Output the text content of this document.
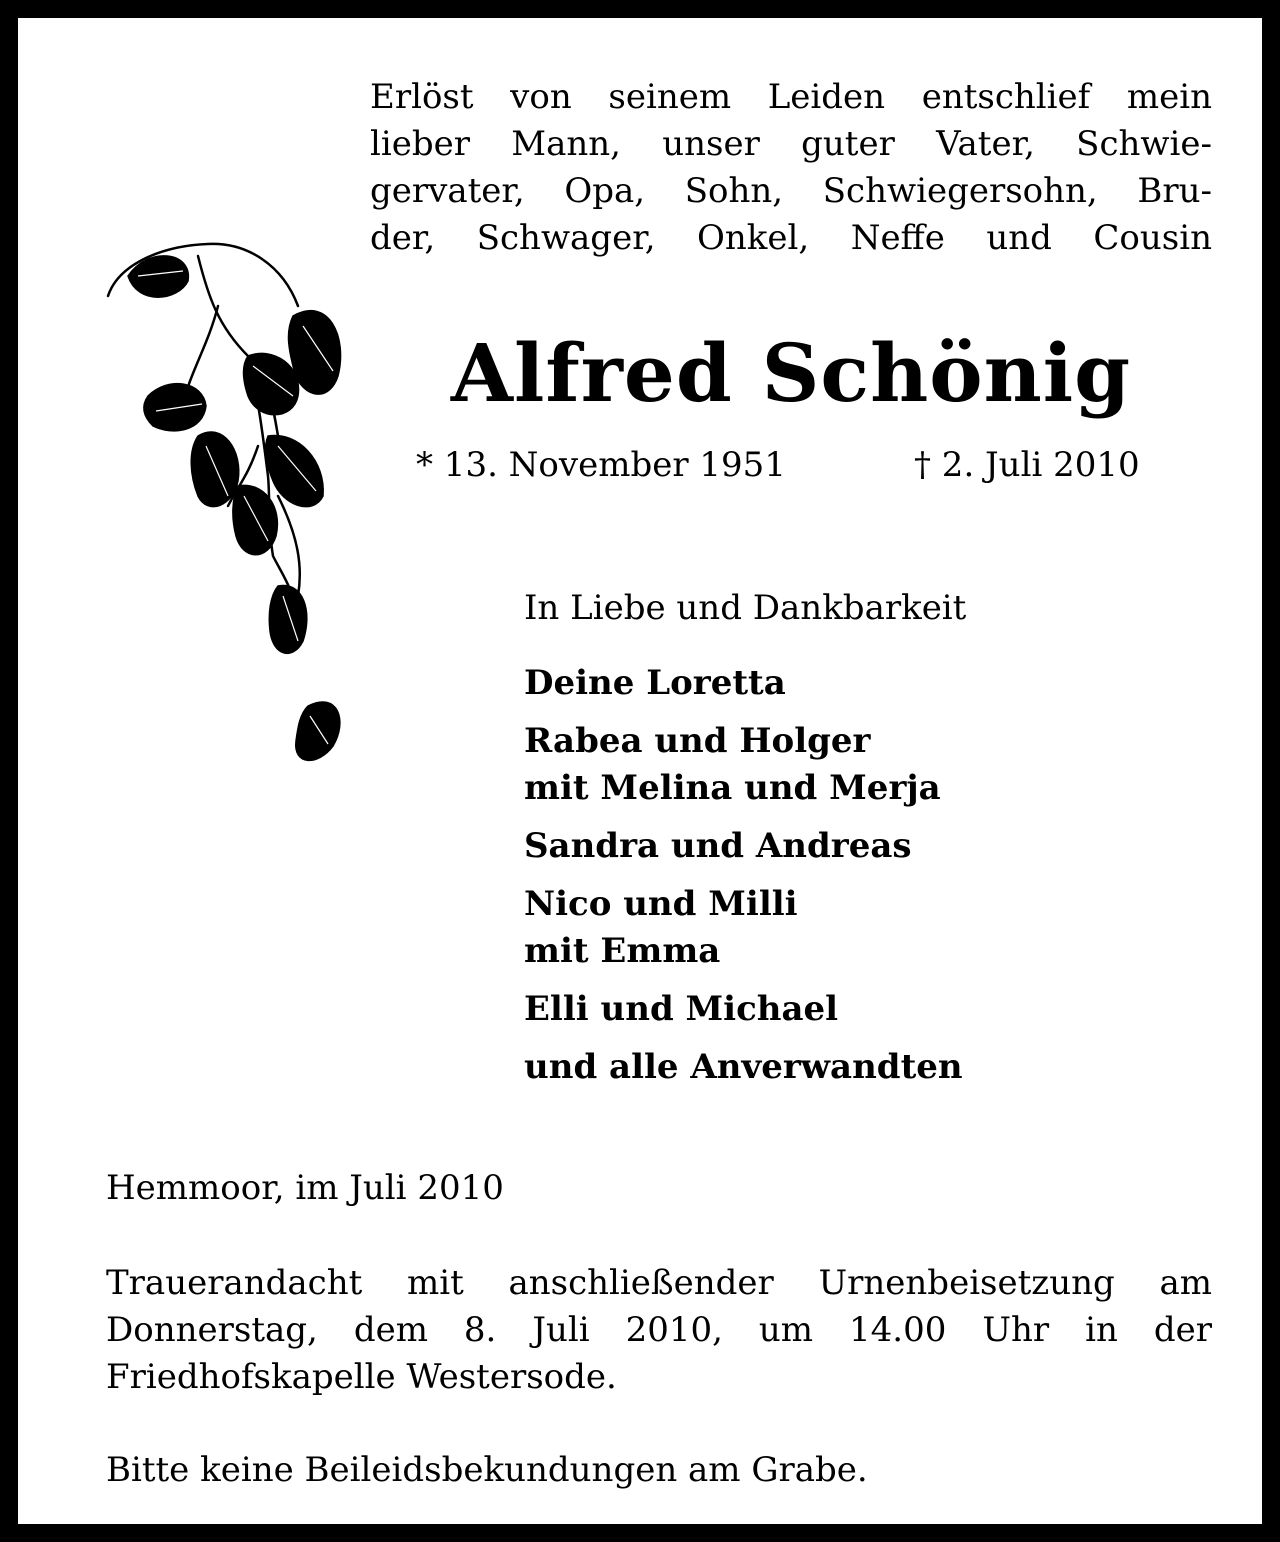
Erlöst von seinem Leiden entschlief mein
lieber Mann, unser guter Vater, Schwie-
gervater, Opa, Sohn, Schwiegersohn, Bru-
der, Schwager, Onkel, Neffe und Cousin

Alfred Schönig
* 13. November 1951	† 2. Juli 2010

In Liebe und Dankbarkeit

Deine Loretta
Rabea und Holger
mit Melina und Merja
Sandra und Andreas
Nico und Milli
mit Emma
Elli und Michael
und alle Anverwandten

Hemmoor, im Juli 2010

Trauerandacht mit anschließender Urnenbeisetzung am
Donnerstag, dem 8. Juli 2010, um 14.00 Uhr in der
Friedhofskapelle Westersode.

Bitte keine Beileidsbekundungen am Grabe.
